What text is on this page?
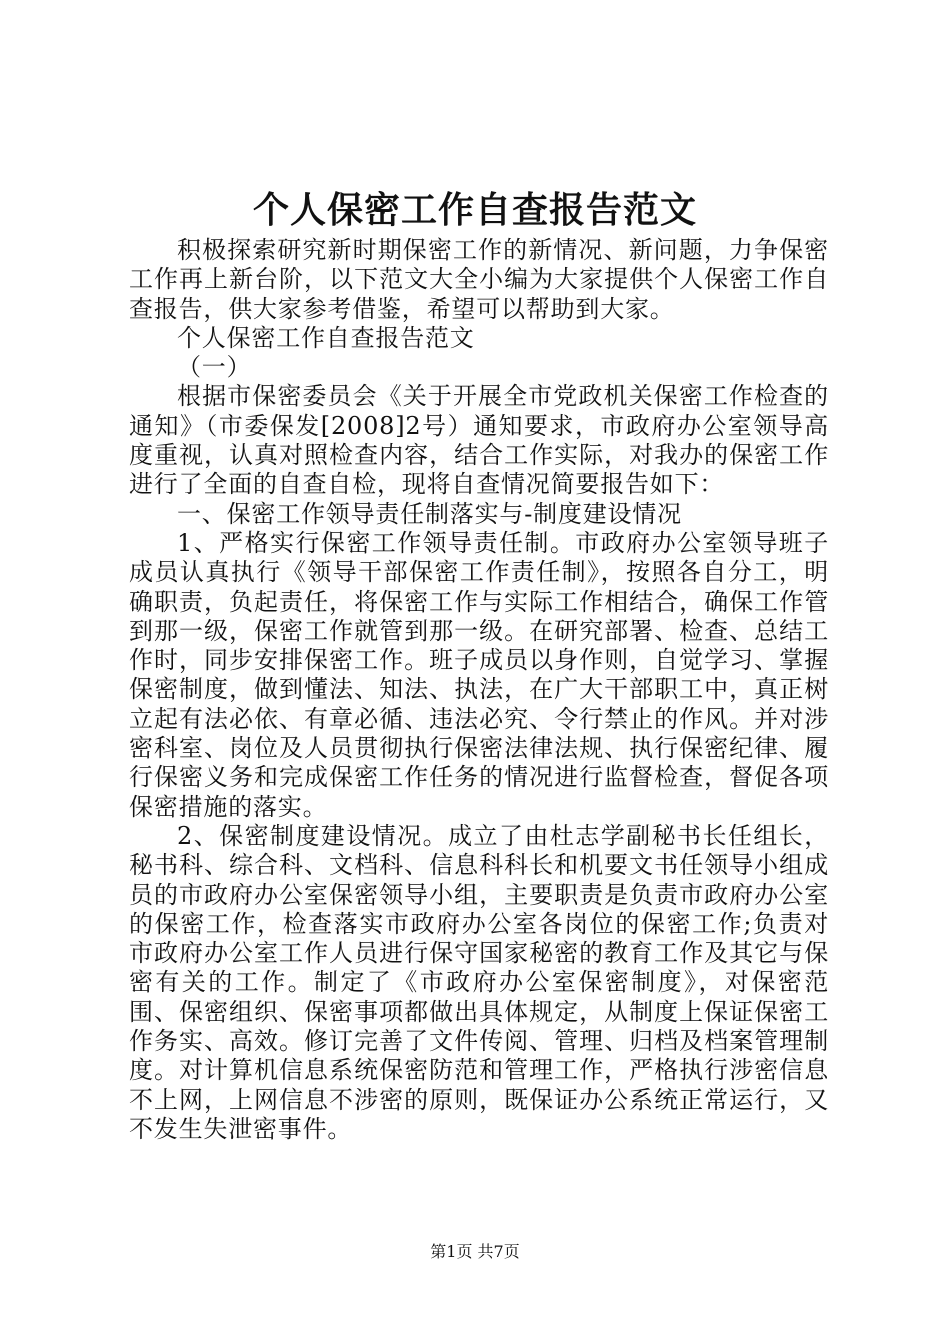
个人保密工作自查报告范文

积极探索研究新时期保密工作的新情况、新问题，力争保密工作再上新台阶，以下范文大全小编为大家提供个人保密工作自查报告，供大家参考借鉴，希望可以帮助到大家。

个人保密工作自查报告范文

（一）

根据市保密委员会《关于开展全市党政机关保密工作检查的通知》（市委保发[2008]2号）通知要求，市政府办公室领导高度重视，认真对照检查内容，结合工作实际，对我办的保密工作进行了全面的自查自检，现将自查情况简要报告如下：

一、保密工作领导责任制落实与-制度建设情况

1、严格实行保密工作领导责任制。市政府办公室领导班子成员认真执行《领导干部保密工作责任制》，按照各自分工，明确职责，负起责任，将保密工作与实际工作相结合，确保工作管到那一级，保密工作就管到那一级。在研究部署、检查、总结工作时，同步安排保密工作。班子成员以身作则，自觉学习、掌握保密制度，做到懂法、知法、执法，在广大干部职工中，真正树立起有法必依、有章必循、违法必究、令行禁止的作风。并对涉密科室、岗位及人员贯彻执行保密法律法规、执行保密纪律、履行保密义务和完成保密工作任务的情况进行监督检查，督促各项保密措施的落实。

2、保密制度建设情况。成立了由杜志学副秘书长任组长，秘书科、综合科、文档科、信息科科长和机要文书任领导小组成员的市政府办公室保密领导小组，主要职责是负责市政府办公室的保密工作，检查落实市政府办公室各岗位的保密工作;负责对市政府办公室工作人员进行保守国家秘密的教育工作及其它与保密有关的工作。制定了《市政府办公室保密制度》，对保密范围、保密组织、保密事项都做出具体规定，从制度上保证保密工作务实、高效。修订完善了文件传阅、管理、归档及档案管理制度。对计算机信息系统保密防范和管理工作，严格执行涉密信息不上网，上网信息不涉密的原则，既保证办公系统正常运行，又不发生失泄密事件。

第1页 共7页
